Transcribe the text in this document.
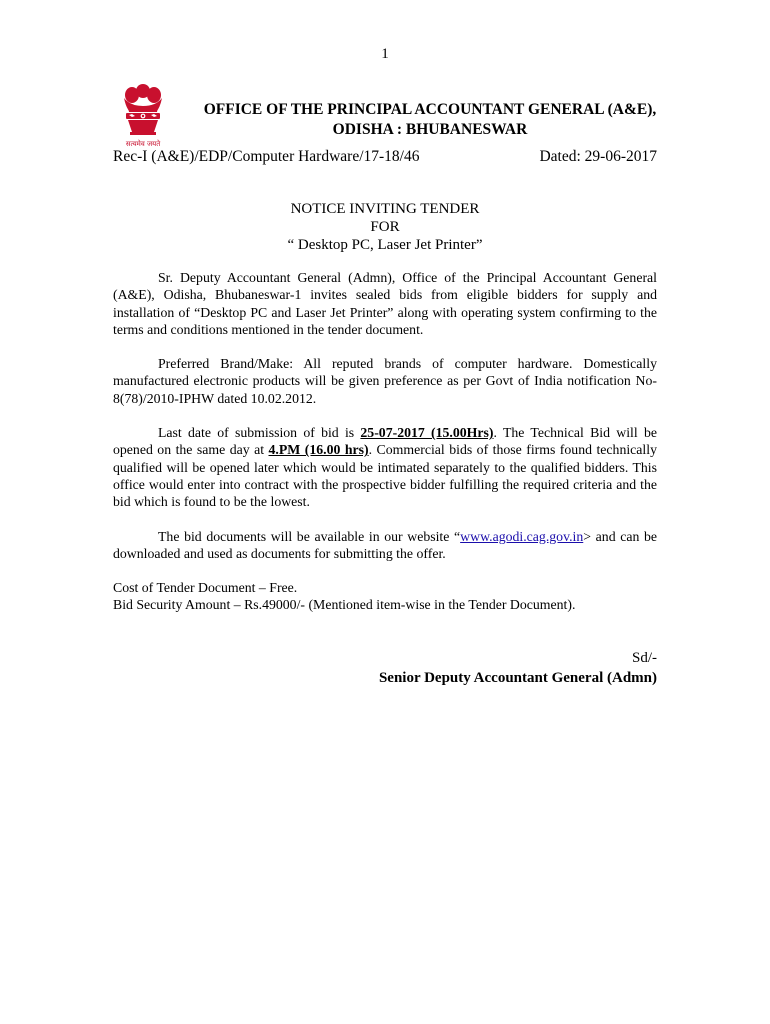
1
सत्यमेव जयते
OFFICE OF THE PRINCIPAL ACCOUNTANT GENERAL (A&E),
ODISHA : BHUBANESWAR
Rec-I (A&E)/EDP/Computer Hardware/17-18/46	Dated: 29-06-2017
NOTICE INVITING TENDER
FOR
“ Desktop PC, Laser Jet Printer”

Sr. Deputy Accountant General (Admn), Office of the Principal Accountant General (A&E), Odisha, Bhubaneswar-1 invites sealed bids from eligible bidders for supply and installation of “Desktop PC and Laser Jet Printer” along with operating system confirming to the terms and conditions mentioned in the tender document.

Preferred Brand/Make: All reputed brands of computer hardware. Domestically manufactured electronic products will be given preference as per Govt of India notification No-8(78)/2010-IPHW dated 10.02.2012.

Last date of submission of bid is 25-07-2017 (15.00Hrs). The Technical Bid will be opened on the same day at 4.PM (16.00 hrs). Commercial bids of those firms found technically qualified will be opened later which would be intimated separately to the qualified bidders. This office would enter into contract with the prospective bidder fulfilling the required criteria and the bid which is found to be the lowest.

The bid documents will be available in our website “www.agodi.cag.gov.in> and can be downloaded and used as documents for submitting the offer.

Cost of Tender Document – Free.

Bid Security Amount – Rs.49000/- (Mentioned item-wise in the Tender Document).

Sd/-
Senior Deputy Accountant General (Admn)
